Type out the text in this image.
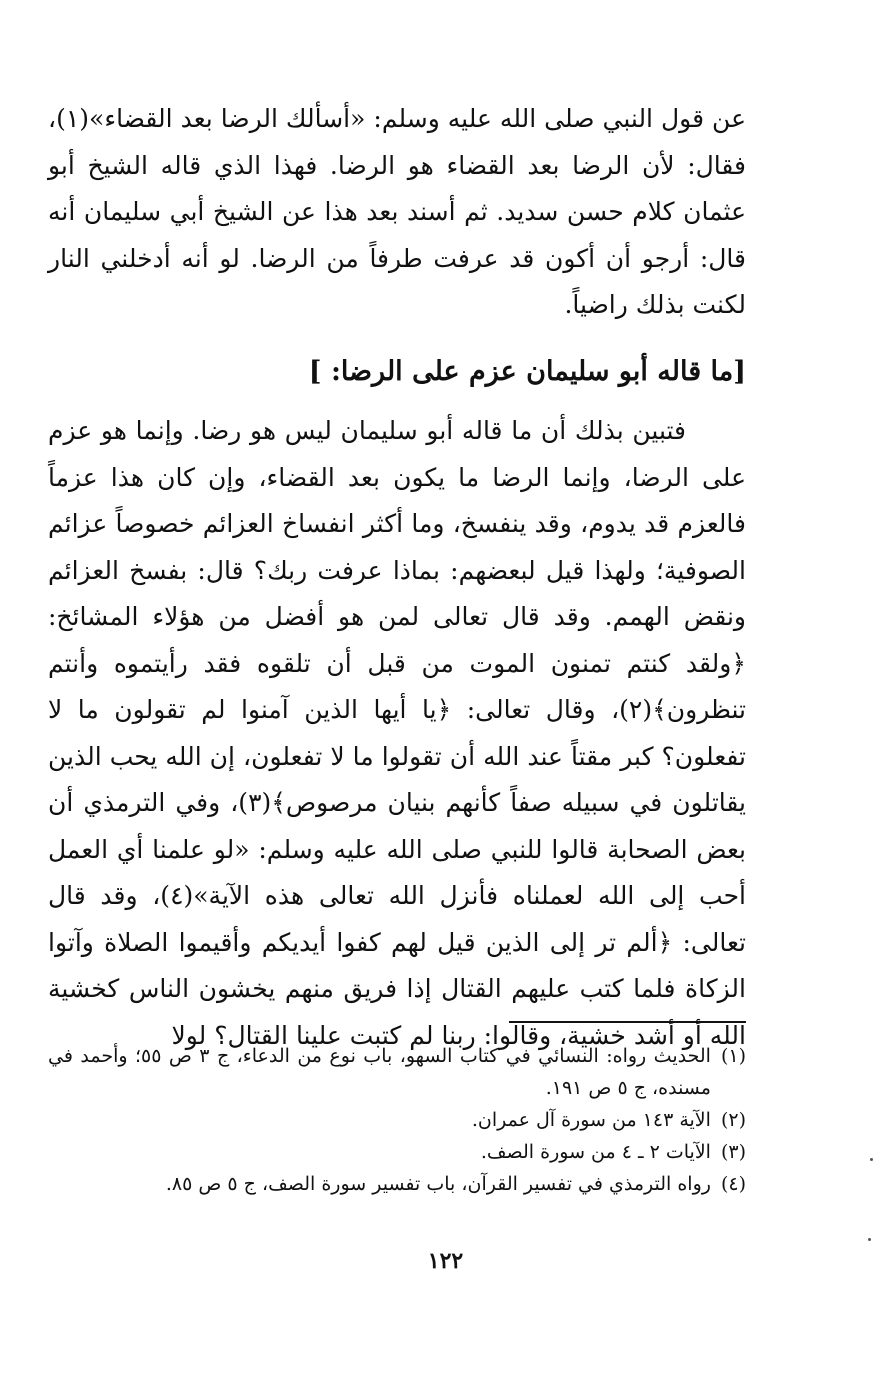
عن قول النبي صلى الله عليه وسلم: «أسألك الرضا بعد القضاء»(١)، فقال: لأن الرضا بعد القضاء هو الرضا. فهذا الذي قاله الشيخ أبو عثمان كلام حسن سديد. ثم أسند بعد هذا عن الشيخ أبي سليمان أنه قال: أرجو أن أكون قد عرفت طرفاً من الرضا. لو أنه أدخلني النار لكنت بذلك راضياً.

[ما قاله أبو سليمان عزم على الرضا: ]

فتبين بذلك أن ما قاله أبو سليمان ليس هو رضا. وإنما هو عزم على الرضا، وإنما الرضا ما يكون بعد القضاء، وإن كان هذا عزماً فالعزم قد يدوم، وقد ينفسخ، وما أكثر انفساخ العزائم خصوصاً عزائم الصوفية؛ ولهذا قيل لبعضهم: بماذا عرفت ربك؟ قال: بفسخ العزائم ونقض الهمم. وقد قال تعالى لمن هو أفضل من هؤلاء المشائخ: ﴿ولقد كنتم تمنون الموت من قبل أن تلقوه فقد رأيتموه وأنتم تنظرون﴾(٢)، وقال تعالى: ﴿يا أيها الذين آمنوا لم تقولون ما لا تفعلون؟ كبر مقتاً عند الله أن تقولوا ما لا تفعلون، إن الله يحب الذين يقاتلون في سبيله صفاً كأنهم بنيان مرصوص﴾(٣)، وفي الترمذي أن بعض الصحابة قالوا للنبي صلى الله عليه وسلم: «لو علمنا أي العمل أحب إلى الله لعملناه فأنزل الله تعالى هذه الآية»(٤)، وقد قال تعالى: ﴿ألم تر إلى الذين قيل لهم كفوا أيديكم وأقيموا الصلاة وآتوا الزكاة فلما كتب عليهم القتال إذا فريق منهم يخشون الناس كخشية الله أو أشد خشية، وقالوا: ربنا لم كتبت علينا القتال؟ لولا

(١)
الحديث رواه: النسائي في كتاب السهو، باب نوع من الدعاء، ج ٣ ص ٥٥؛ وأحمد في مسنده، ج ٥ ص ١٩١.

(٢)
الآية ١٤٣ من سورة آل عمران.

(٣)
الآيات ٢ ـ ٤ من سورة الصف.

(٤)
رواه الترمذي في تفسير القرآن، باب تفسير سورة الصف، ج ٥ ص ٨٥.

١٢٢
